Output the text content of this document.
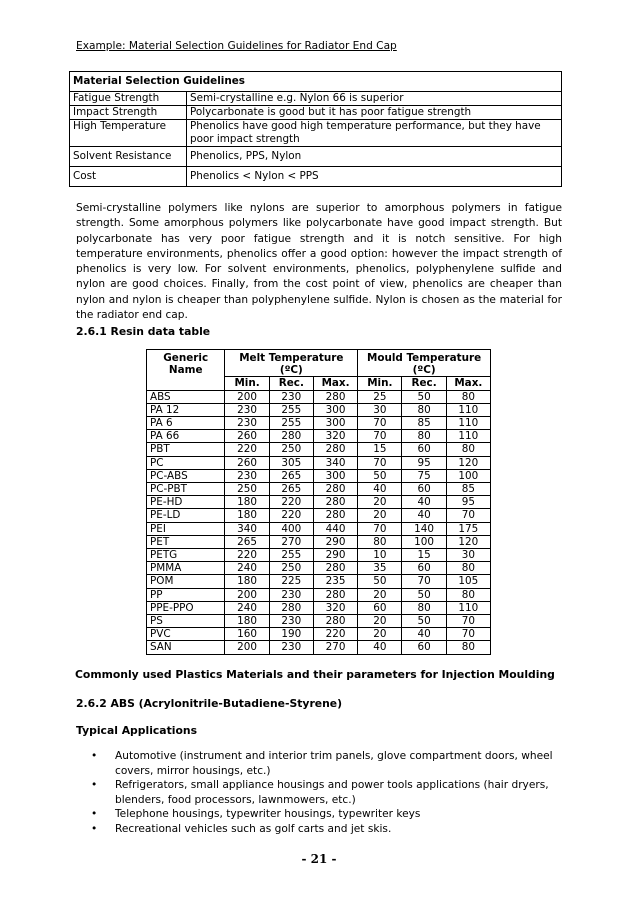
Example: Material Selection Guidelines for Radiator End Cap
Material Selection Guidelines	
Fatigue Strength	Semi-crystalline e.g. Nylon 66 is superior
Impact Strength	Polycarbonate is good but it has poor fatigue strength
High Temperature	Phenolics have good high temperature performance, but they have poor impact strength
Solvent Resistance	Phenolics, PPS, Nylon
Cost	Phenolics < Nylon < PPS
Semi-crystalline polymers like nylons are superior to amorphous polymers in fatigue strength. Some amorphous polymers like polycarbonate have good impact strength. But polycarbonate has very poor fatigue strength and it is notch sensitive. For high temperature environments, phenolics offer a good option: however the impact strength of phenolics is very low. For solvent environments, phenolics, polyphenylene sulfide and nylon are good choices. Finally, from the cost point of view, phenolics are cheaper than nylon and nylon is cheaper than polyphenylene sulfide. Nylon is chosen as the material for the radiator end cap.
2.6.1 Resin data table
Generic Name	Melt Temperature (ºC)			Mould Temperature (ºC)		
	Min.	Rec.	Max.	Min.	Rec.	Max.
ABS	200	230	280	25	50	80
PA 12	230	255	300	30	80	110
PA 6	230	255	300	70	85	110
PA 66	260	280	320	70	80	110
PBT	220	250	280	15	60	80
PC	260	305	340	70	95	120
PC-ABS	230	265	300	50	75	100
PC-PBT	250	265	280	40	60	85
PE-HD	180	220	280	20	40	95
PE-LD	180	220	280	20	40	70
PEI	340	400	440	70	140	175
PET	265	270	290	80	100	120
PETG	220	255	290	10	15	30
PMMA	240	250	280	35	60	80
POM	180	225	235	50	70	105
PP	200	230	280	20	50	80
PPE-PPO	240	280	320	60	80	110
PS	180	230	280	20	50	70
PVC	160	190	220	20	40	70
SAN	200	230	270	40	60	80
Commonly used Plastics Materials and their parameters for Injection Moulding
2.6.2 ABS (Acrylonitrile-Butadiene-Styrene)
Typical Applications
• Automotive (instrument and interior trim panels, glove compartment doors, wheel covers, mirror housings, etc.)
• Refrigerators, small appliance housings and power tools applications (hair dryers, blenders, food processors, lawnmowers, etc.)
• Telephone housings, typewriter housings, typewriter keys
• Recreational vehicles such as golf carts and jet skis.
- 21 -
